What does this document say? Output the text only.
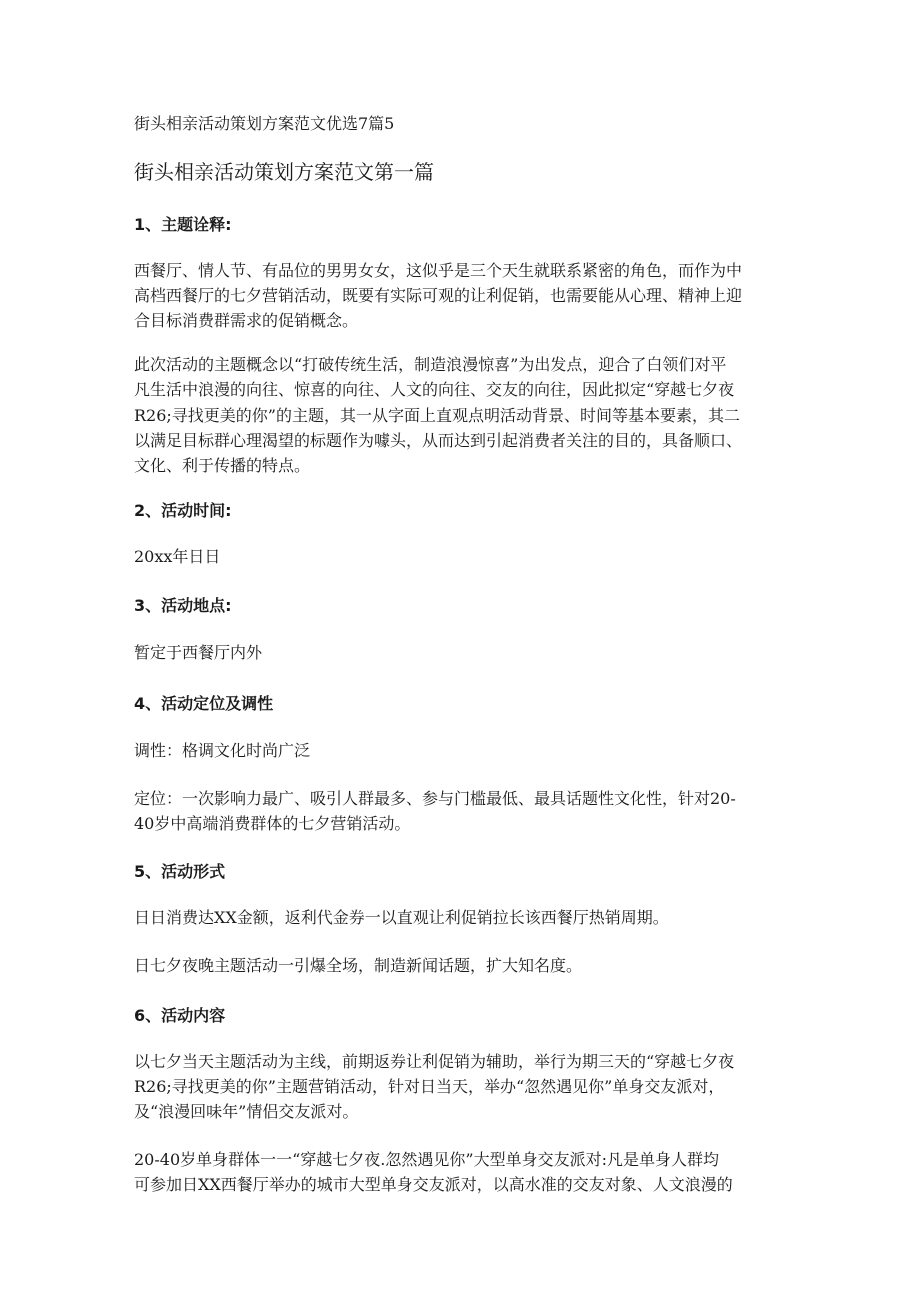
街头相亲活动策划方案范文优选7篇5
街头相亲活动策划方案范文第一篇
1、主题诠释:
西餐厅、情人节、有品位的男男女女，这似乎是三个天生就联系紧密的角色，而作为中
高档西餐厅的七夕营销活动，既要有实际可观的让利促销，也需要能从心理、精神上迎
合目标消费群需求的促销概念。
此次活动的主题概念以“打破传统生活，制造浪漫惊喜”为出发点，迎合了白领们对平
凡生活中浪漫的向往、惊喜的向往、人文的向往、交友的向往，因此拟定“穿越七夕夜
R26;寻找更美的你”的主题，其一从字面上直观点明活动背景、时间等基本要素，其二
以满足目标群心理渴望的标题作为噱头，从而达到引起消费者关注的目的，具备顺口、
文化、利于传播的特点。
2、活动时间:
20xx年日日
3、活动地点:
暂定于西餐厅内外
4、活动定位及调性
调性：格调文化时尚广泛
定位：一次影响力最广、吸引人群最多、参与门槛最低、最具话题性文化性，针对20-
40岁中高端消费群体的七夕营销活动。
5、活动形式
日日消费达XX金额，返利代金券一以直观让利促销拉长该西餐厅热销周期。
日七夕夜晚主题活动一引爆全场，制造新闻话题，扩大知名度。
6、活动内容
以七夕当天主题活动为主线，前期返券让利促销为辅助，举行为期三天的“穿越七夕夜
R26;寻找更美的你”主题营销活动，针对日当天，举办“忽然遇见你”单身交友派对，
及“浪漫回味年”情侣交友派对。
20-40岁单身群体一一“穿越七夕夜.忽然遇见你”大型单身交友派对:凡是单身人群均
可参加日XX西餐厅举办的城市大型单身交友派对，以高水准的交友对象、人文浪漫的
